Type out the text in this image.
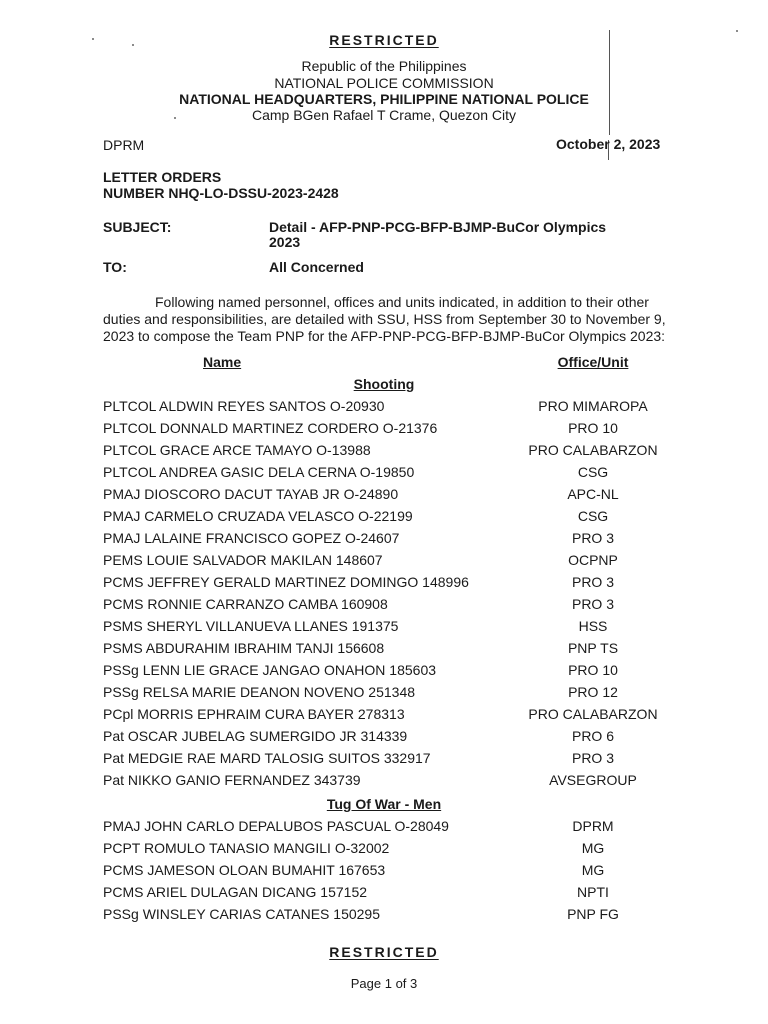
RESTRICTED
Republic of the Philippines
NATIONAL POLICE COMMISSION
NATIONAL HEADQUARTERS, PHILIPPINE NATIONAL POLICE
Camp BGen Rafael T Crame, Quezon City
DPRM	October 2, 2023
LETTER ORDERS
NUMBER NHQ-LO-DSSU-2023-2428
SUBJECT:	Detail - AFP-PNP-PCG-BFP-BJMP-BuCor Olympics
2023
TO:	All Concerned
Following named personnel, offices and units indicated, in addition to their other duties and responsibilities, are detailed with SSU, HSS from September 30 to November 9, 2023 to compose the Team PNP for the AFP-PNP-PCG-BFP-BJMP-BuCor Olympics 2023:
Name	Office/Unit
Shooting
PLTCOL ALDWIN REYES SANTOS O-20930	PRO MIMAROPA
PLTCOL DONNALD MARTINEZ CORDERO O-21376	PRO 10
PLTCOL GRACE ARCE TAMAYO O-13988	PRO CALABARZON
PLTCOL ANDREA GASIC DELA CERNA O-19850	CSG
PMAJ DIOSCORO DACUT TAYAB JR O-24890	APC-NL
PMAJ CARMELO CRUZADA VELASCO O-22199	CSG
PMAJ LALAINE FRANCISCO GOPEZ O-24607	PRO 3
PEMS LOUIE SALVADOR MAKILAN 148607	OCPNP
PCMS JEFFREY GERALD MARTINEZ DOMINGO 148996	PRO 3
PCMS RONNIE CARRANZO CAMBA 160908	PRO 3
PSMS SHERYL VILLANUEVA LLANES 191375	HSS
PSMS ABDURAHIM IBRAHIM TANJI 156608	PNP TS
PSSg LENN LIE GRACE JANGAO ONAHON 185603	PRO 10
PSSg RELSA MARIE DEANON NOVENO 251348	PRO 12
PCpl MORRIS EPHRAIM CURA BAYER 278313	PRO CALABARZON
Pat OSCAR JUBELAG SUMERGIDO JR 314339	PRO 6
Pat MEDGIE RAE MARD TALOSIG SUITOS 332917	PRO 3
Pat NIKKO GANIO FERNANDEZ 343739	AVSEGROUP
Tug Of War - Men
PMAJ JOHN CARLO DEPALUBOS PASCUAL O-28049	DPRM
PCPT ROMULO TANASIO MANGILI O-32002	MG
PCMS JAMESON OLOAN BUMAHIT 167653	MG
PCMS ARIEL DULAGAN DICANG 157152	NPTI
PSSg WINSLEY CARIAS CATANES 150295	PNP FG
RESTRICTED
Page 1 of 3
